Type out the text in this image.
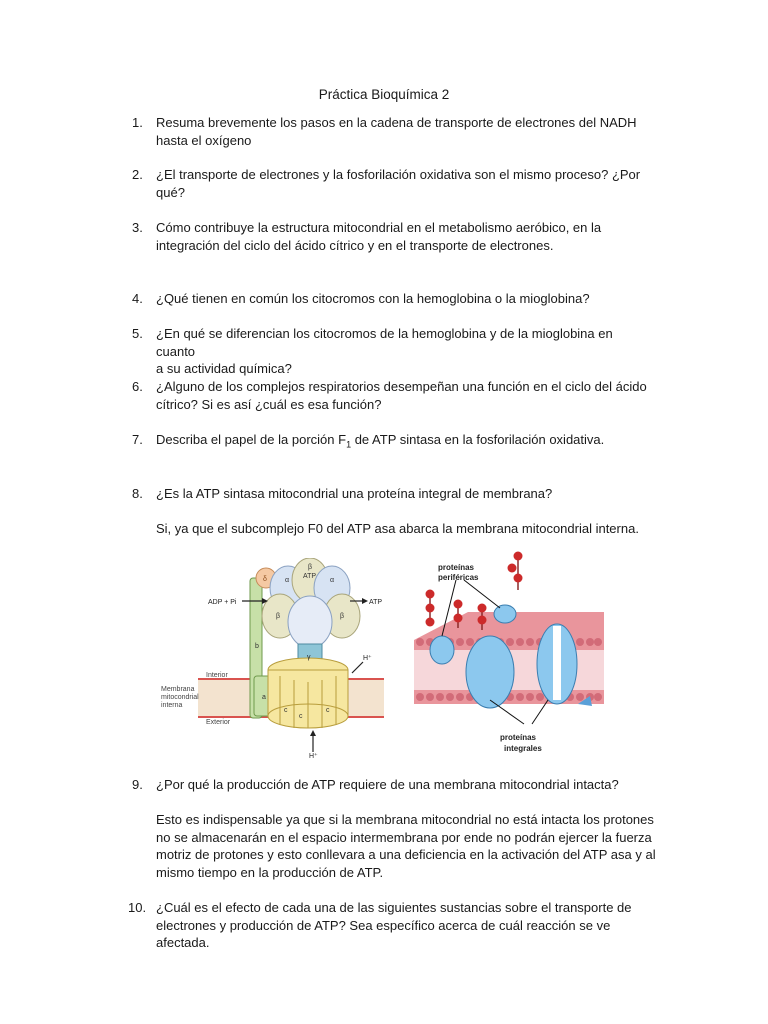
Práctica Bioquímica 2
1.	Resuma brevemente los pasos en la cadena de transporte de electrones del NADH
hasta el oxígeno
2.	¿El transporte de electrones y la fosforilación oxidativa son el mismo proceso? ¿Por
qué?
3.	Cómo contribuye la estructura mitocondrial en el metabolismo aeróbico, en la
integración del ciclo del ácido cítrico y en el transporte de electrones.
4.	¿Qué tienen en común los citocromos con la hemoglobina o la mioglobina?
5.	¿En qué se diferencian los citocromos de la hemoglobina y de la mioglobina en cuanto
a su actividad química?
6.	¿Alguno de los complejos respiratorios desempeñan una función en el ciclo del ácido
cítrico? Si es así ¿cuál es esa función?
7.	Describa el papel de la porción $F_1$ de ATP sintasa en la fosforilación oxidativa.
8.	¿Es la ATP sintasa mitocondrial una proteína integral de membrana?
Si, ya que el subcomplejo F0 del ATP asa abarca la membrana mitocondrial interna.
ADP + Pi	ATP
ATP
α
β
α
β	β
γ
δ
b
a
c
c
c
H⁺
H⁺
Interior
Membrana
mitocondrial
interna
Exterior
proteínas
periféricas
proteínas
integrales
9.	¿Por qué la producción de ATP requiere de una membrana mitocondrial intacta?
Esto es indispensable ya que si la membrana mitocondrial no está intacta los protones
no se almacenarán en el espacio intermembrana por ende no podrán ejercer la fuerza
motriz de protones y esto conllevara a una deficiencia en la activación del ATP asa y al
mismo tiempo en la producción de ATP.
10. ¿Cuál es el efecto de cada una de las siguientes sustancias sobre el transporte de
electrones y producción de ATP? Sea específico acerca de cuál reacción se ve afectada.
